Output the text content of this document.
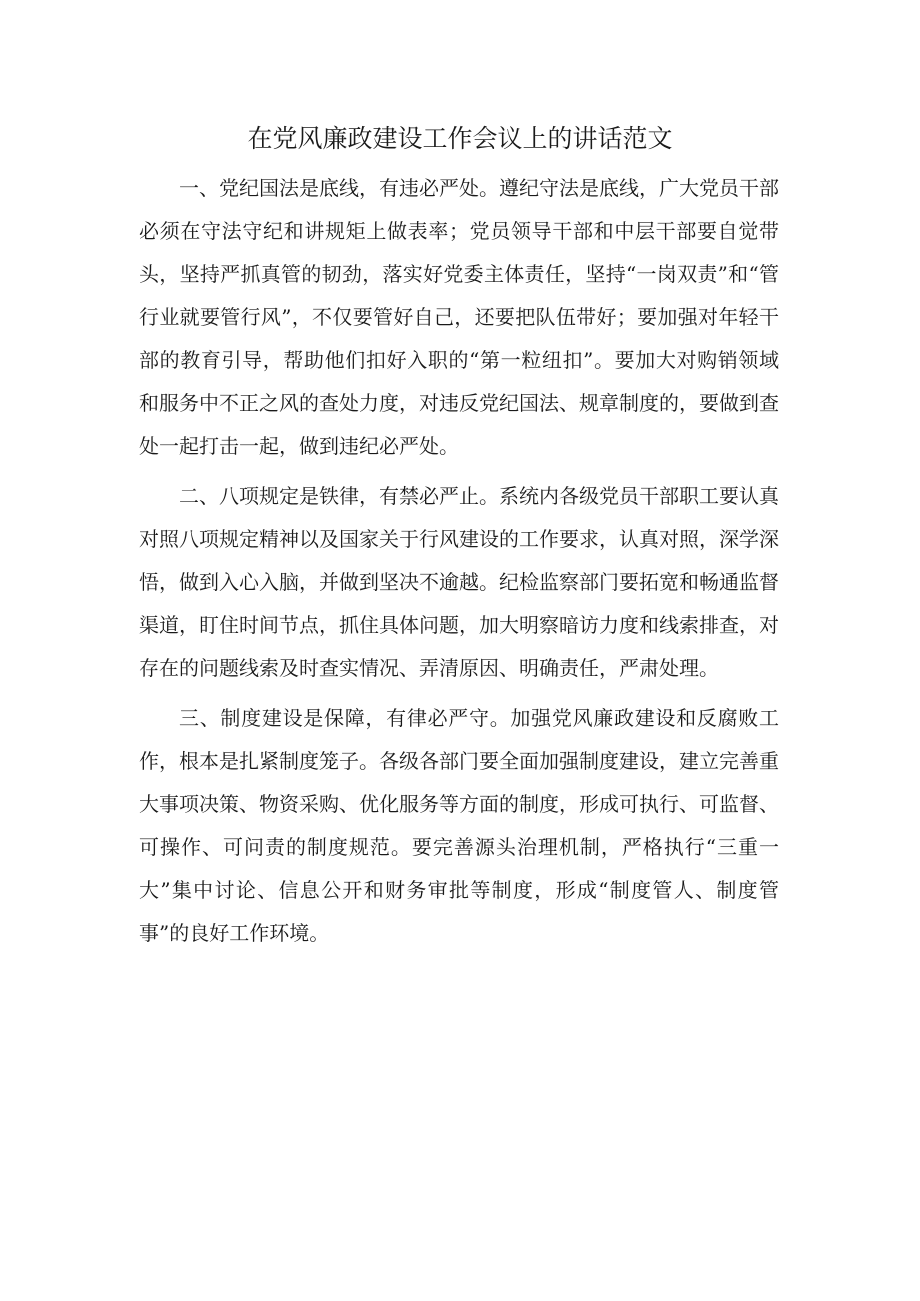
在党风廉政建设工作会议上的讲话范文

一、党纪国法是底线，有违必严处。遵纪守法是底线，广大党员干部必须在守法守纪和讲规矩上做表率；党员领导干部和中层干部要自觉带头，坚持严抓真管的韧劲，落实好党委主体责任，坚持“一岗双责”和“管行业就要管行风”，不仅要管好自己，还要把队伍带好；要加强对年轻干部的教育引导，帮助他们扣好入职的“第一粒纽扣”。要加大对购销领域和服务中不正之风的查处力度，对违反党纪国法、规章制度的，要做到查处一起打击一起，做到违纪必严处。

二、八项规定是铁律，有禁必严止。系统内各级党员干部职工要认真对照八项规定精神以及国家关于行风建设的工作要求，认真对照，深学深悟，做到入心入脑，并做到坚决不逾越。纪检监察部门要拓宽和畅通监督渠道，盯住时间节点，抓住具体问题，加大明察暗访力度和线索排查，对存在的问题线索及时查实情况、弄清原因、明确责任，严肃处理。

三、制度建设是保障，有律必严守。加强党风廉政建设和反腐败工作，根本是扎紧制度笼子。各级各部门要全面加强制度建设，建立完善重大事项决策、物资采购、优化服务等方面的制度，形成可执行、可监督、可操作、可问责的制度规范。要完善源头治理机制，严格执行“三重一大”集中讨论、信息公开和财务审批等制度，形成“制度管人、制度管事”的良好工作环境。
